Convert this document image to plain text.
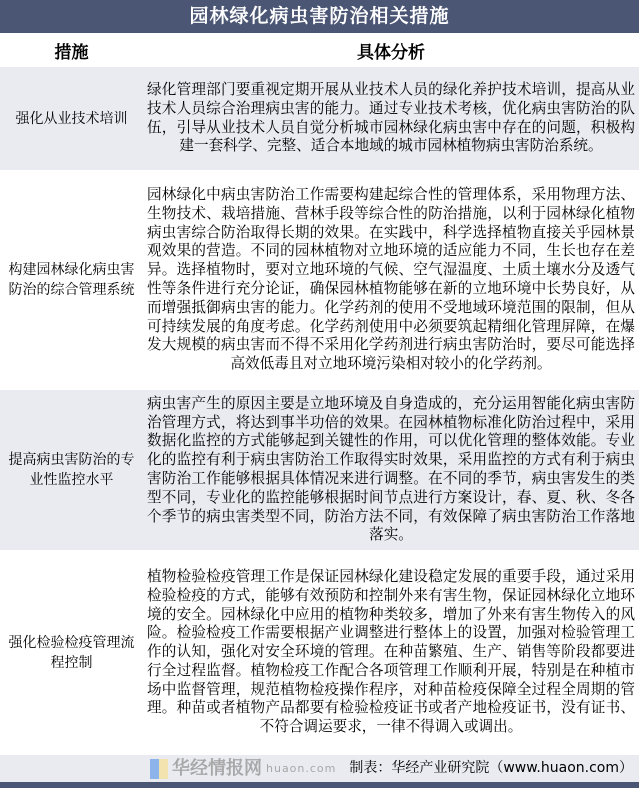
园林绿化病虫害防治相关措施
措施	具体分析
强化从业技术培训
绿化管理部门要重视定期开展从业技术人员的绿化养护技术培训，提高从业技术人员综合治理病虫害的能力。通过专业技术考核，优化病虫害防治的队伍，引导从业技术人员自觉分析城市园林绿化病虫害中存在的问题，积极构建一套科学、完整、适合本地域的城市园林植物病虫害防治系统。
构建园林绿化病虫害防治的综合管理系统
园林绿化中病虫害防治工作需要构建起综合性的管理体系，采用物理方法、生物技术、栽培措施、营林手段等综合性的防治措施，以利于园林绿化植物病虫害综合防治取得长期的效果。在实践中，科学选择植物直接关乎园林景观效果的营造。不同的园林植物对立地环境的适应能力不同，生长也存在差异。选择植物时，要对立地环境的气候、空气湿温度、土质土壤水分及透气性等条件进行充分论证，确保园林植物能够在新的立地环境中长势良好，从而增强抵御病虫害的能力。化学药剂的使用不受地域环境范围的限制，但从可持续发展的角度考虑。化学药剂使用中必须要筑起精细化管理屏障，在爆发大规模的病虫害而不得不采用化学药剂进行病虫害防治时，要尽可能选择高效低毒且对立地环境污染相对较小的化学药剂。
提高病虫害防治的专业性监控水平
病虫害产生的原因主要是立地环境及自身造成的，充分运用智能化病虫害防治管理方式，将达到事半功倍的效果。在园林植物标准化防治过程中，采用数据化监控的方式能够起到关键性的作用，可以优化管理的整体效能。专业化的监控有利于病虫害防治工作取得实时效果，采用监控的方式有利于病虫害防治工作能够根据具体情况来进行调整。在不同的季节，病虫害发生的类型不同，专业化的监控能够根据时间节点进行方案设计，春、夏、秋、冬各个季节的病虫害类型不同，防治方法不同，有效保障了病虫害防治工作落地落实。
强化检验检疫管理流程控制
植物检验检疫管理工作是保证园林绿化建设稳定发展的重要手段，通过采用检验检疫的方式，能够有效预防和控制外来有害生物，保证园林绿化立地环境的安全。园林绿化中应用的植物种类较多，增加了外来有害生物传入的风险。检验检疫工作需要根据产业调整进行整体上的设置，加强对检验管理工作的认知，强化对安全环境的管理。在种苗繁殖、生产、销售等阶段都要进行全过程监督。植物检疫工作配合各项管理工作顺利开展，特别是在种植市场中监督管理，规范植物检疫操作程序，对种苗检疫保障全过程全周期的管理。种苗或者植物产品都要有检验检疫证书或者产地检疫证书，没有证书、不符合调运要求，一律不得调入或调出。
华经情报网 huaon.com 制表：华经产业研究院（www.huaon.com）
